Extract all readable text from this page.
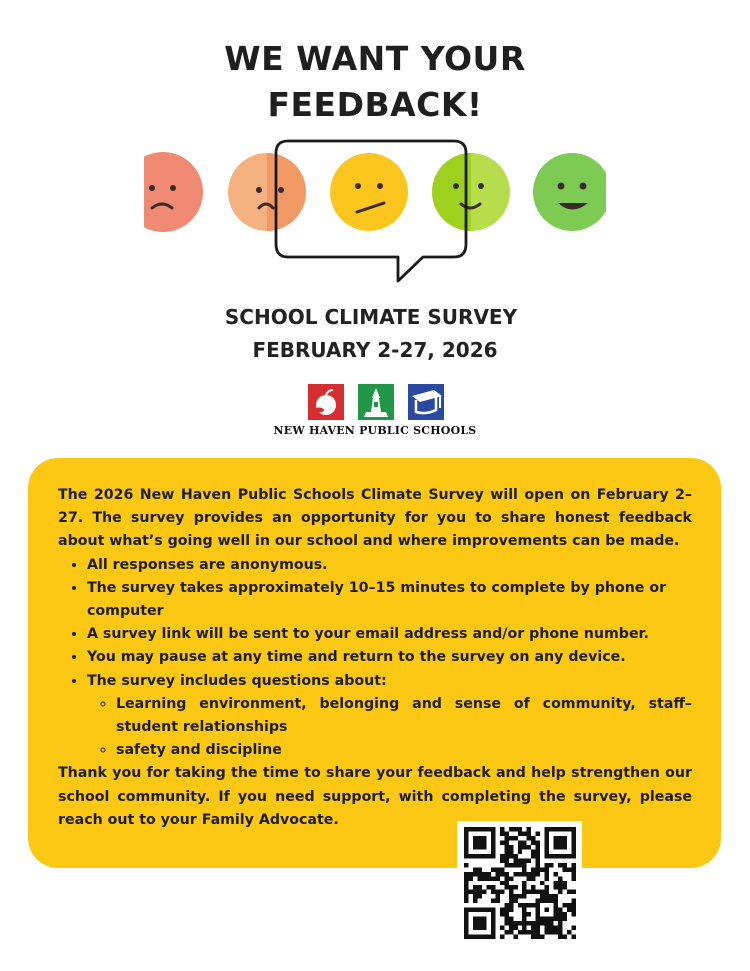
WE WANT YOUR
FEEDBACK!
SCHOOL CLIMATE SURVEY
FEBRUARY 2-27, 2026
NEW HAVEN PUBLIC SCHOOLS

The 2026 New Haven Public Schools Climate Survey will open on February 2–27. The survey provides an opportunity for you to share honest feedback about what’s going well in our school and where improvements can be made.

• All responses are anonymous.
• The survey takes approximately 10–15 minutes to complete by phone or computer
• A survey link will be sent to your email address and/or phone number.
• You may pause at any time and return to the survey on any device.
• The survey includes questions about:
◦ Learning environment, belonging and sense of community, staff–student relationships
◦ safety and discipline

Thank you for taking the time to share your feedback and help strengthen our school community. If you need support, with completing the survey, please reach out to your Family Advocate.
